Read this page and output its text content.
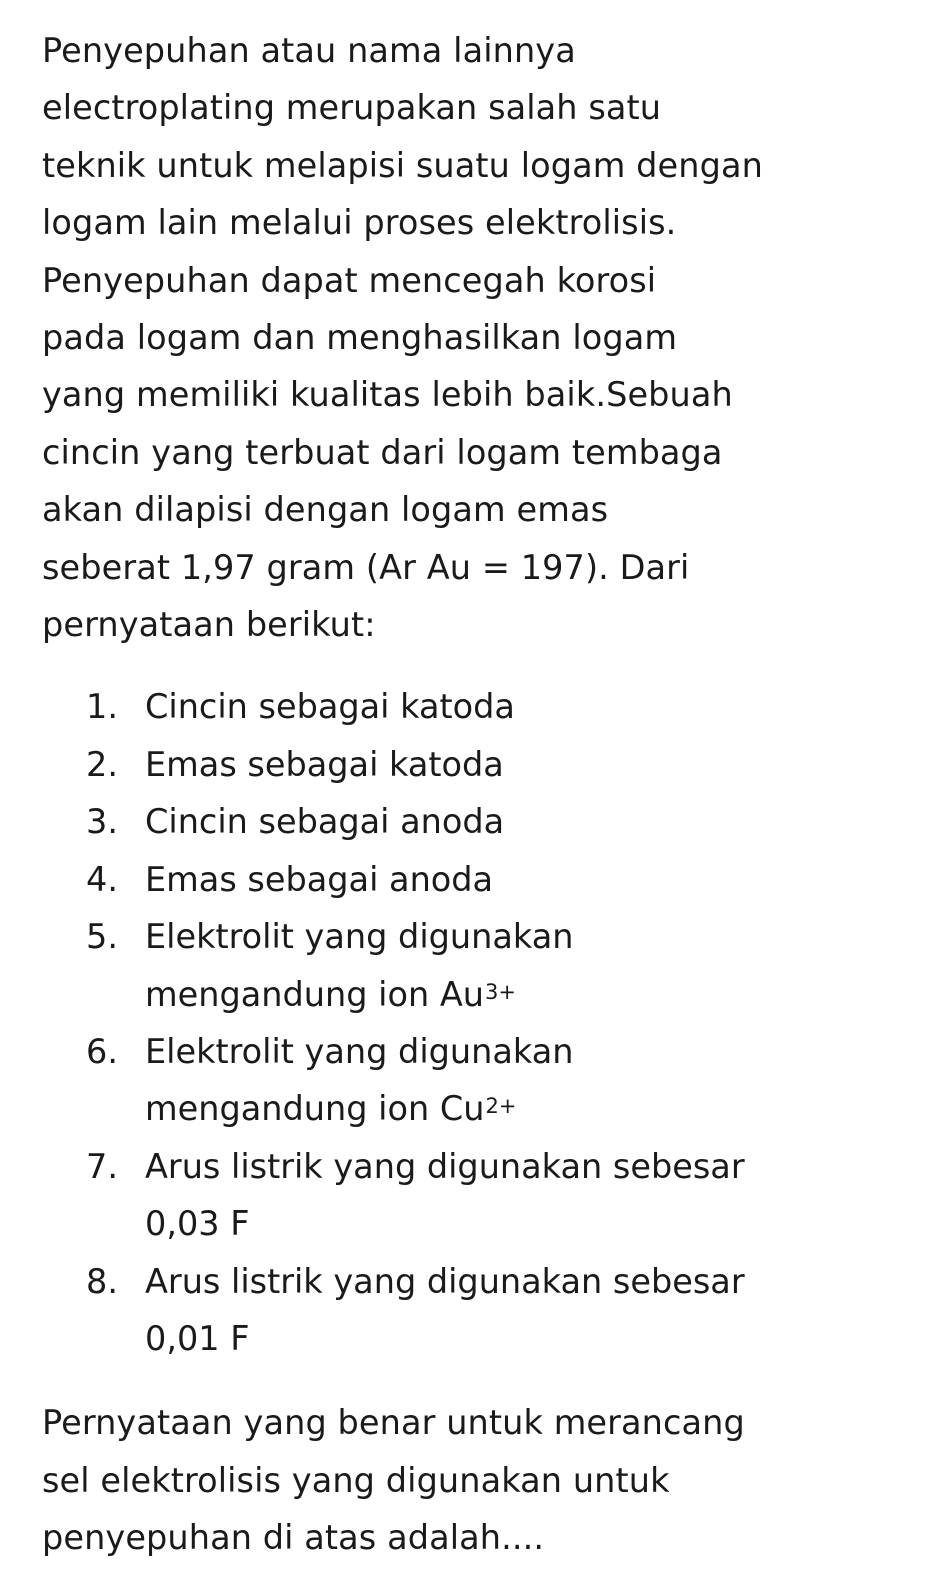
Penyepuhan atau nama lainnya
electroplating merupakan salah satu
teknik untuk melapisi suatu logam dengan
logam lain melalui proses elektrolisis.
Penyepuhan dapat mencegah korosi
pada logam dan menghasilkan logam
yang memiliki kualitas lebih baik.Sebuah
cincin yang terbuat dari logam tembaga
akan dilapisi dengan logam emas
seberat 1,97 gram (Ar Au = 197). Dari
pernyataan berikut:

1. Cincin sebagai katoda
2. Emas sebagai katoda
3. Cincin sebagai anoda
4. Emas sebagai anoda
5. Elektrolit yang digunakan
mengandung ion $Au^{3+}$
6. Elektrolit yang digunakan
mengandung ion $Cu^{2+}$
7. Arus listrik yang digunakan sebesar
0,03 F
8. Arus listrik yang digunakan sebesar
0,01 F

Pernyataan yang benar untuk merancang
sel elektrolisis yang digunakan untuk
penyepuhan di atas adalah....
